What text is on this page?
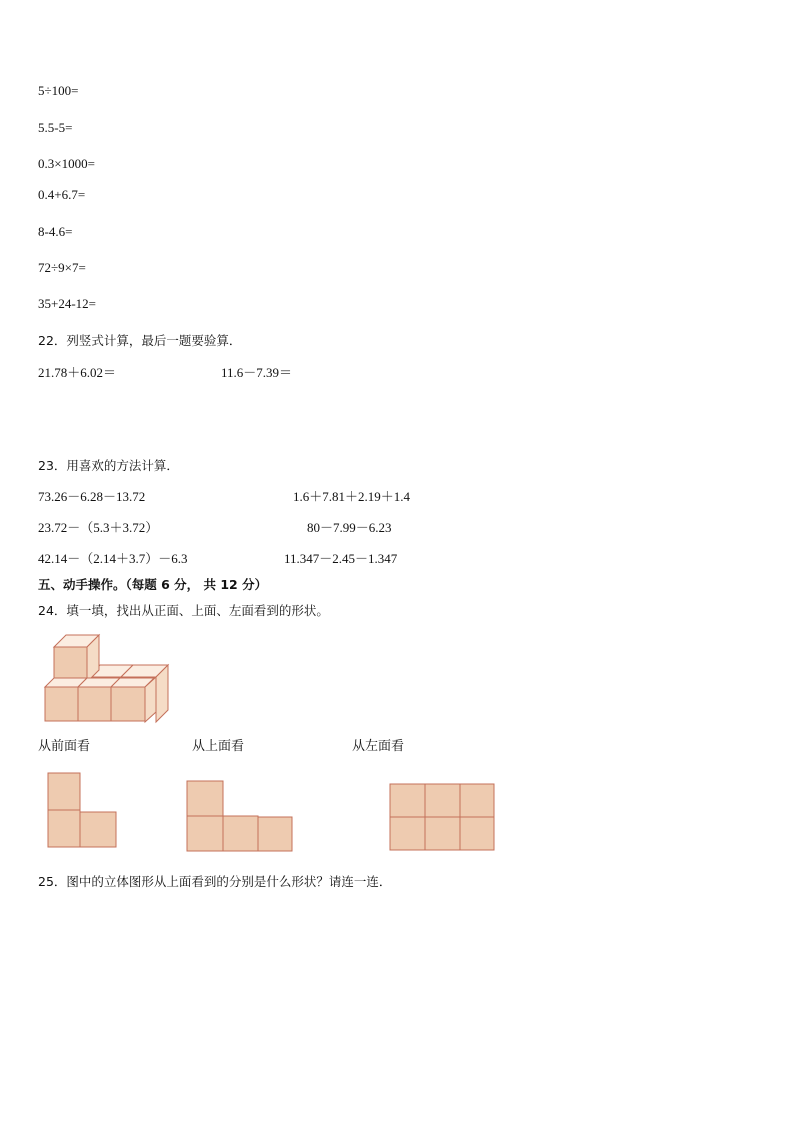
5÷100=
5.5-5=
0.3×1000=
0.4+6.7=
8-4.6=
72÷9×7=
35+24-12=
22．列竖式计算，最后一题要验算．
21.78＋6.02＝	11.6－7.39＝
23．用喜欢的方法计算．
73.26－6.28－13.72	1.6＋7.81＋2.19＋1.4
23.72－（5.3＋3.72）	80－7.99－6.23
42.14－（2.14＋3.7）－6.3	11.347－2.45－1.347
五、动手操作。（每题 6 分， 共 12 分）
24．填一填，找出从正面、上面、左面看到的形状。
从前面看	从上面看	从左面看
25．图中的立体图形从上面看到的分别是什么形状？请连一连．
